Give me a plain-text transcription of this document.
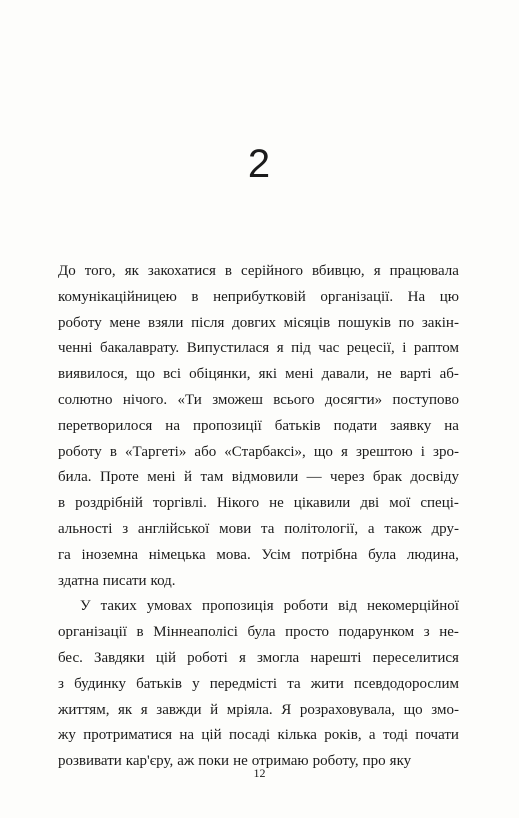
2
До того, як закохатися в серійного вбивцю, я працювала
комунікаційницею в неприбутковій організації. На цю
роботу мене взяли після довгих місяців пошуків по закін-
ченні бакалаврату. Випустилася я під час рецесії, і раптом
виявилося, що всі обіцянки, які мені давали, не варті аб-
солютно нічого. «Ти зможеш всього досягти» поступово
перетворилося на пропозиції батьків подати заявку на
роботу в «Таргеті» або «Старбаксі», що я зрештою і зро-
била. Проте мені й там відмовили — через брак досвіду
в роздрібній торгівлі. Нікого не цікавили дві мої спеці-
альності з англійської мови та політології, а також дру-
га іноземна німецька мова. Усім потрібна була людина,
здатна писати код.
У таких умовах пропозиція роботи від некомерційної
організації в Міннеаполісі була просто подарунком з не-
бес. Завдяки цій роботі я змогла нарешті переселитися
з будинку батьків у передмісті та жити псевдодорослим
життям, як я завжди й мріяла. Я розраховувала, що змо-
жу протриматися на цій посаді кілька років, а тоді почати
розвивати кар'єру, аж поки не отримаю роботу, про яку
12
